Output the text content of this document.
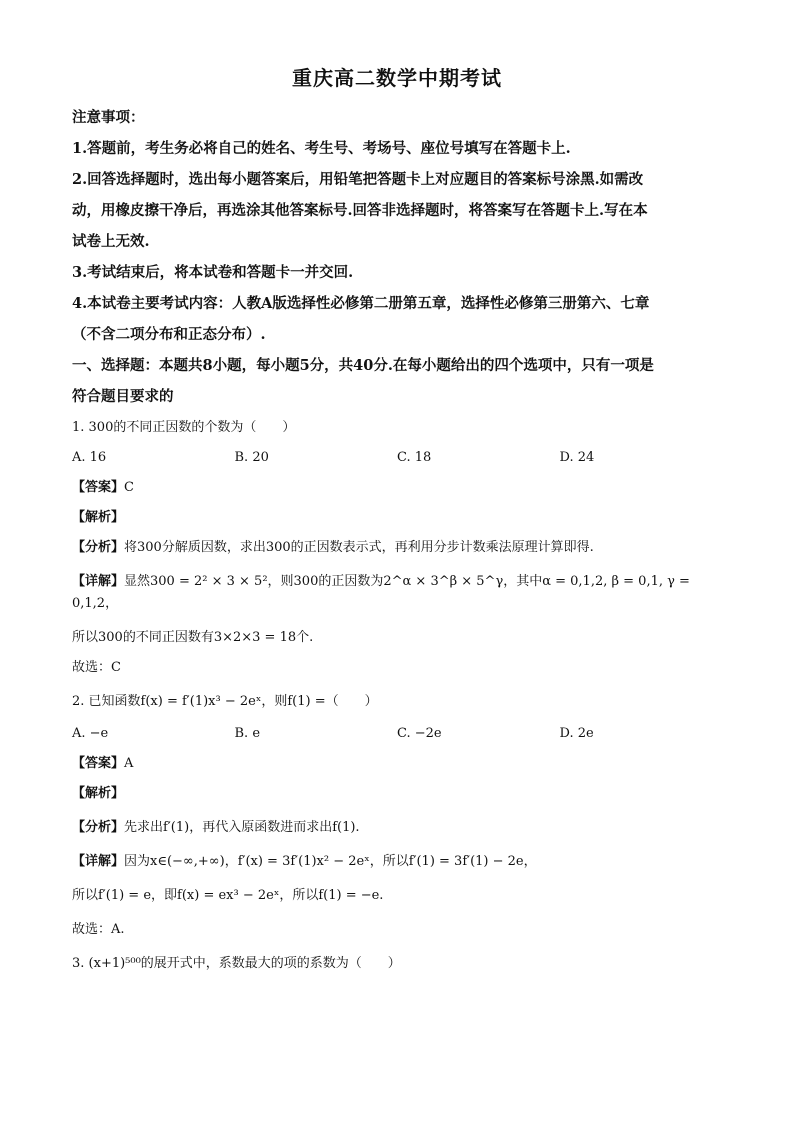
重庆高二数学中期考试
注意事项：
1.答题前，考生务必将自己的姓名、考生号、考场号、座位号填写在答题卡上.
2.回答选择题时，选出每小题答案后，用铅笔把答题卡上对应题目的答案标号涂黑.如需改
动，用橡皮擦干净后，再选涂其他答案标号.回答非选择题时，将答案写在答题卡上.写在本
试卷上无效.
3.考试结束后，将本试卷和答题卡一并交回.
4.本试卷主要考试内容：人教A版选择性必修第二册第五章，选择性必修第三册第六、七章
（不含二项分布和正态分布）.
一、选择题：本题共8小题，每小题5分，共40分.在每小题给出的四个选项中，只有一项是
符合题目要求的
1. 300的不同正因数的个数为（　　）
A. 16	B. 20	C. 18	D. 24
【答案】C
【解析】
【分析】将300分解质因数，求出300的正因数表示式，再利用分步计数乘法原理计算即得.
【详解】显然300 = 2² × 3 × 5²，则300的正因数为2^α × 3^β × 5^γ，其中α = 0,1,2, β = 0,1, γ = 0,1,2，
所以300的不同正因数有3×2×3 = 18个.
故选：C
2. 已知函数f(x) = f′(1)x³ − 2eˣ，则f(1) =（　　）
A. −e	B. e	C. −2e	D. 2e
【答案】A
【解析】
【分析】先求出f′(1)，再代入原函数进而求出f(1).
【详解】因为x∈(−∞,+∞)，f′(x) = 3f′(1)x² − 2eˣ，所以f′(1) = 3f′(1) − 2e，
所以f′(1) = e，即f(x) = ex³ − 2eˣ，所以f(1) = −e.
故选：A.
3. (x+1)⁵⁰⁰的展开式中，系数最大的项的系数为（　　）
